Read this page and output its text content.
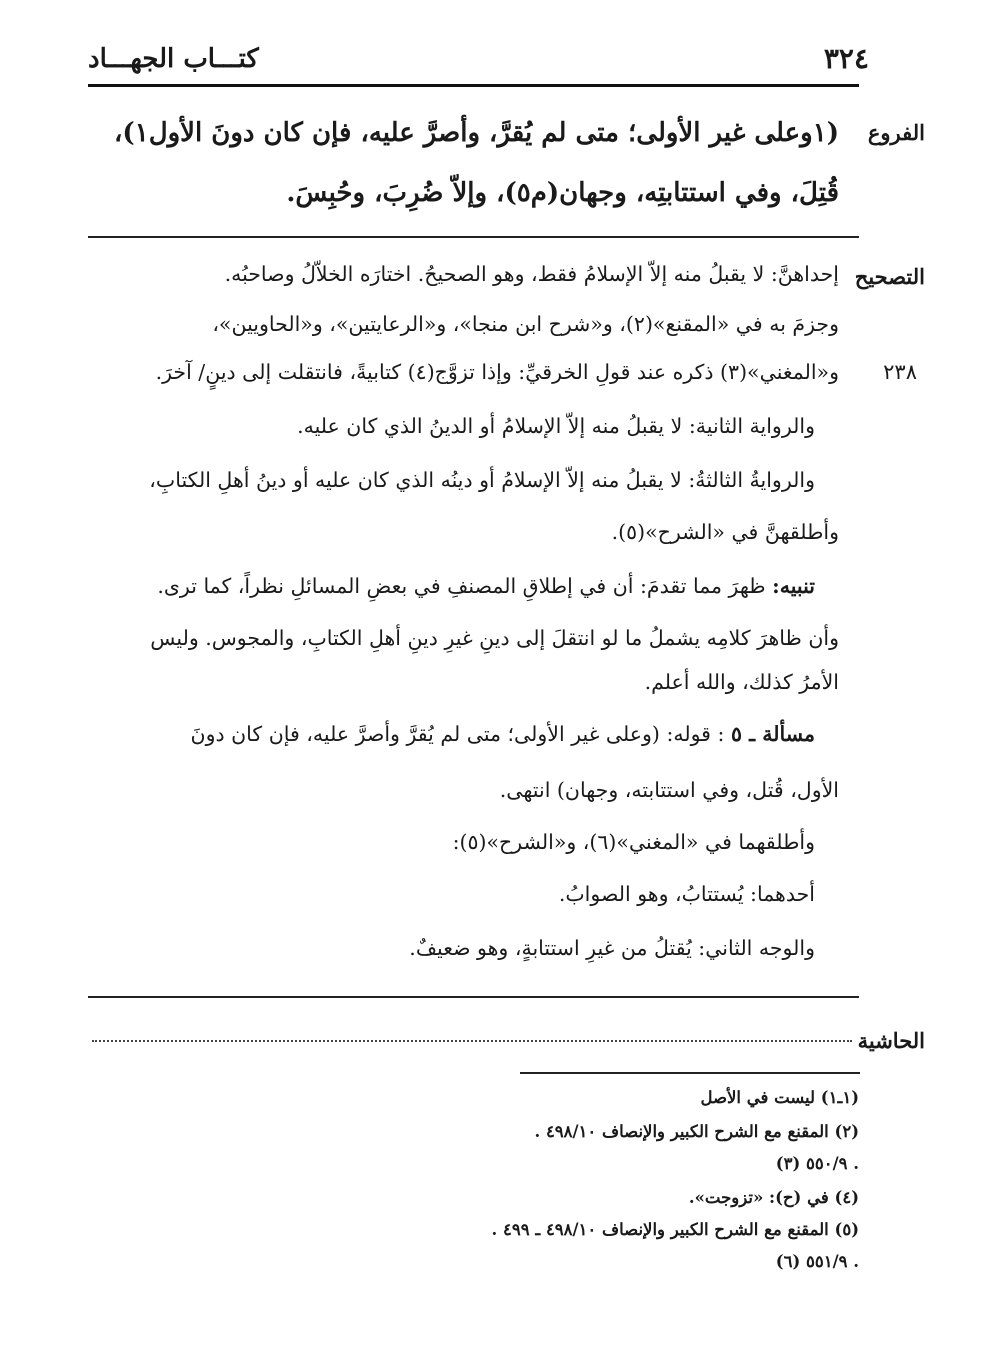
كتـــاب الجهـــاد	٣٢٤
الفروع
(١وعلى غير الأولى؛ متى لم يُقرَّ، وأصرَّ عليه، فإن كان دونَ الأول١)،
قُتِلَ، وفي استتابتِه، وجهان(م٥)، وإلاّ ضُرِبَ، وحُبِسَ.
التصحيح
إحداهنَّ: لا يقبلُ منه إلاّ الإسلامُ فقط، وهو الصحيحُ. اختارَه الخلاّلُ وصاحبُه.
وجزمَ به في «المقنع»(٢)، و«شرح ابن منجا»، و«الرعايتين»، و«الحاويين»،
٢٣٨
و«المغني»(٣) ذكره عند قولِ الخرقيِّ: وإذا تزوَّج(٤) كتابيةً، فانتقلت إلى دينٍ/ آخرَ.
والرواية الثانية: لا يقبلُ منه إلاّ الإسلامُ أو الدينُ الذي كان عليه.
والروايةُ الثالثةُ: لا يقبلُ منه إلاّ الإسلامُ أو دينُه الذي كان عليه أو دينُ أهلِ الكتابِ،
وأطلقهنَّ في «الشرح»(٥).
تنبيه: ظهرَ مما تقدمَ: أن في إطلاقِ المصنفِ في بعضِ المسائلِ نظراً، كما ترى.
وأن ظاهرَ كلامِه يشملُ ما لو انتقلَ إلى دينِ غيرِ دينِ أهلِ الكتابِ، والمجوس. وليس
الأمرُ كذلك، والله أعلم.
مسألة ـ ٥ : قوله: (وعلى غير الأولى؛ متى لم يُقرَّ وأصرَّ عليه، فإن كان دونَ
الأول، قُتل، وفي استتابته، وجهان) انتهى.
وأطلقهما في «المغني»(٦)، و«الشرح»(٥):
أحدهما: يُستتابُ، وهو الصوابُ.
والوجه الثاني: يُقتلُ من غيرِ استتابةٍ، وهو ضعيفٌ.
الحاشية
(١ـ١) ليست في الأصل
(٢) المقنع مع الشرح الكبير والإنصاف ٤٩٨/١٠ .
(٣) ٥٥٠/٩ .
(٤) في (ح): «تزوجت».
(٥) المقنع مع الشرح الكبير والإنصاف ٤٩٨/١٠ ـ ٤٩٩ .
(٦) ٥٥١/٩ .
